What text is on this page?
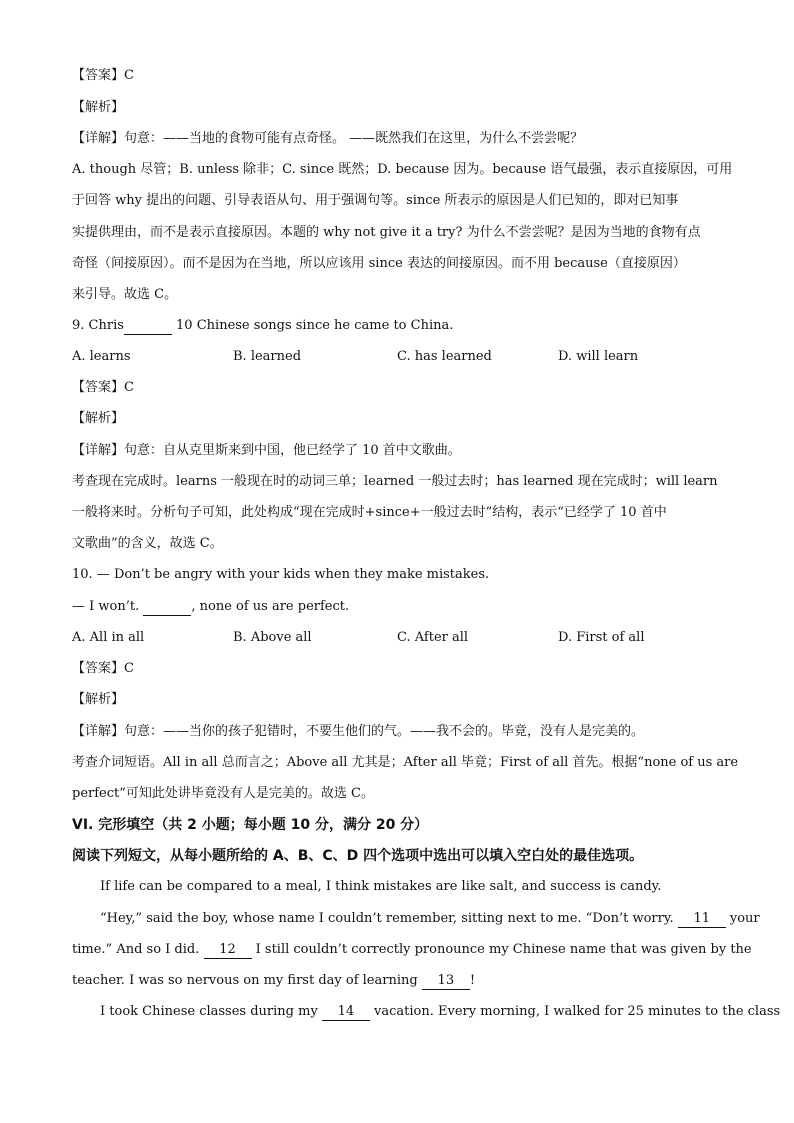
【答案】C
【解析】
【详解】句意：——当地的食物可能有点奇怪。 ——既然我们在这里，为什么不尝尝呢？
A. though 尽管；B. unless 除非；C. since 既然；D. because 因为。because 语气最强，表示直接原因，可用
于回答 why 提出的问题、引导表语从句、用于强调句等。since 所表示的原因是人们已知的，即对已知事
实提供理由，而不是表示直接原因。本题的 why not give it a try? 为什么不尝尝呢？是因为当地的食物有点
奇怪（间接原因）。而不是因为在当地，所以应该用 since 表达的间接原因。而不用 because（直接原因）
来引导。故选 C。
9. Chris	10 Chinese songs since he came to China.
A. learns	B. learned	C. has learned	D. will learn
【答案】C
【解析】
【详解】句意：自从克里斯来到中国，他已经学了 10 首中文歌曲。
考查现在完成时。learns 一般现在时的动词三单；learned 一般过去时；has learned 现在完成时；will learn
一般将来时。分析句子可知，此处构成“现在完成时+since+一般过去时”结构，表示“已经学了 10 首中
文歌曲”的含义，故选 C。
10. — Don’t be angry with your kids when they make mistakes.
— I won’t.	, none of us are perfect.
A. All in all	B. Above all	C. After all	D. First of all
【答案】C
【解析】
【详解】句意：——当你的孩子犯错时，不要生他们的气。——我不会的。毕竟，没有人是完美的。
考查介词短语。All in all 总而言之；Above all 尤其是；After all 毕竟；First of all 首先。根据“none of us are
perfect”可知此处讲毕竟没有人是完美的。故选 C。
VI. 完形填空（共 2 小题；每小题 10 分，满分 20 分）
阅读下列短文，从每小题所给的 A、B、C、D 四个选项中选出可以填入空白处的最佳选项。
If life can be compared to a meal, I think mistakes are like salt, and success is candy.
“Hey,” said the boy, whose name I couldn’t remember, sitting next to me. “Don’t worry. 11 your
time.” And so I did. 12 I still couldn’t correctly pronounce my Chinese name that was given by the
teacher. I was so nervous on my first day of learning 13 !
I took Chinese classes during my 14 vacation. Every morning, I walked for 25 minutes to the class
